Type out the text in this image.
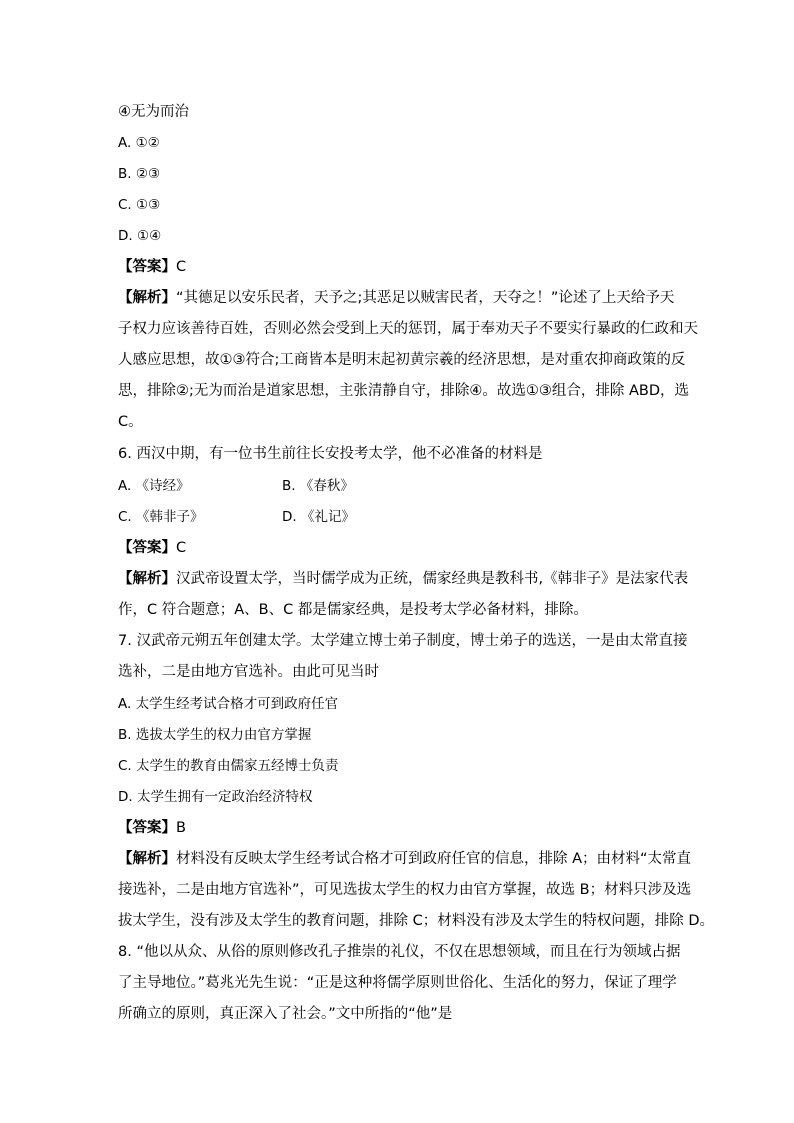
④无为而治
A. ①②
B. ②③
C. ①③
D. ①④
【答案】C
【解析】“其德足以安乐民者，天予之;其恶足以贼害民者，天夺之！”论述了上天给予天
子权力应该善待百姓，否则必然会受到上天的惩罚，属于奉劝天子不要实行暴政的仁政和天
人感应思想，故①③符合;工商皆本是明末起初黄宗羲的经济思想，是对重农抑商政策的反
思，排除②;无为而治是道家思想，主张清静自守，排除④。故选①③组合，排除 ABD，选
C。
6. 西汉中期，有一位书生前往长安投考太学，他不必准备的材料是
A. 《诗经》	B. 《春秋》
C. 《韩非子》	D. 《礼记》
【答案】C
【解析】汉武帝设置太学，当时儒学成为正统，儒家经典是教科书,《韩非子》是法家代表
作，C 符合题意；A、B、C 都是儒家经典，是投考太学必备材料，排除。
7. 汉武帝元朔五年创建太学。太学建立博士弟子制度，博士弟子的选送，一是由太常直接
选补，二是由地方官选补。由此可见当时
A. 太学生经考试合格才可到政府任官
B. 选拔太学生的权力由官方掌握
C. 太学生的教育由儒家五经博士负责
D. 太学生拥有一定政治经济特权
【答案】B
【解析】材料没有反映太学生经考试合格才可到政府任官的信息，排除 A；由材料“太常直
接选补，二是由地方官选补”，可见选拔太学生的权力由官方掌握，故选 B；材料只涉及选
拔太学生，没有涉及太学生的教育问题，排除 C；材料没有涉及太学生的特权问题，排除 D。
8. “他以从众、从俗的原则修改孔子推崇的礼仪，不仅在思想领域，而且在行为领域占据
了主导地位。”葛兆光先生说：“正是这种将儒学原则世俗化、生活化的努力，保证了理学
所确立的原则，真正深入了社会。”文中所指的“他”是
